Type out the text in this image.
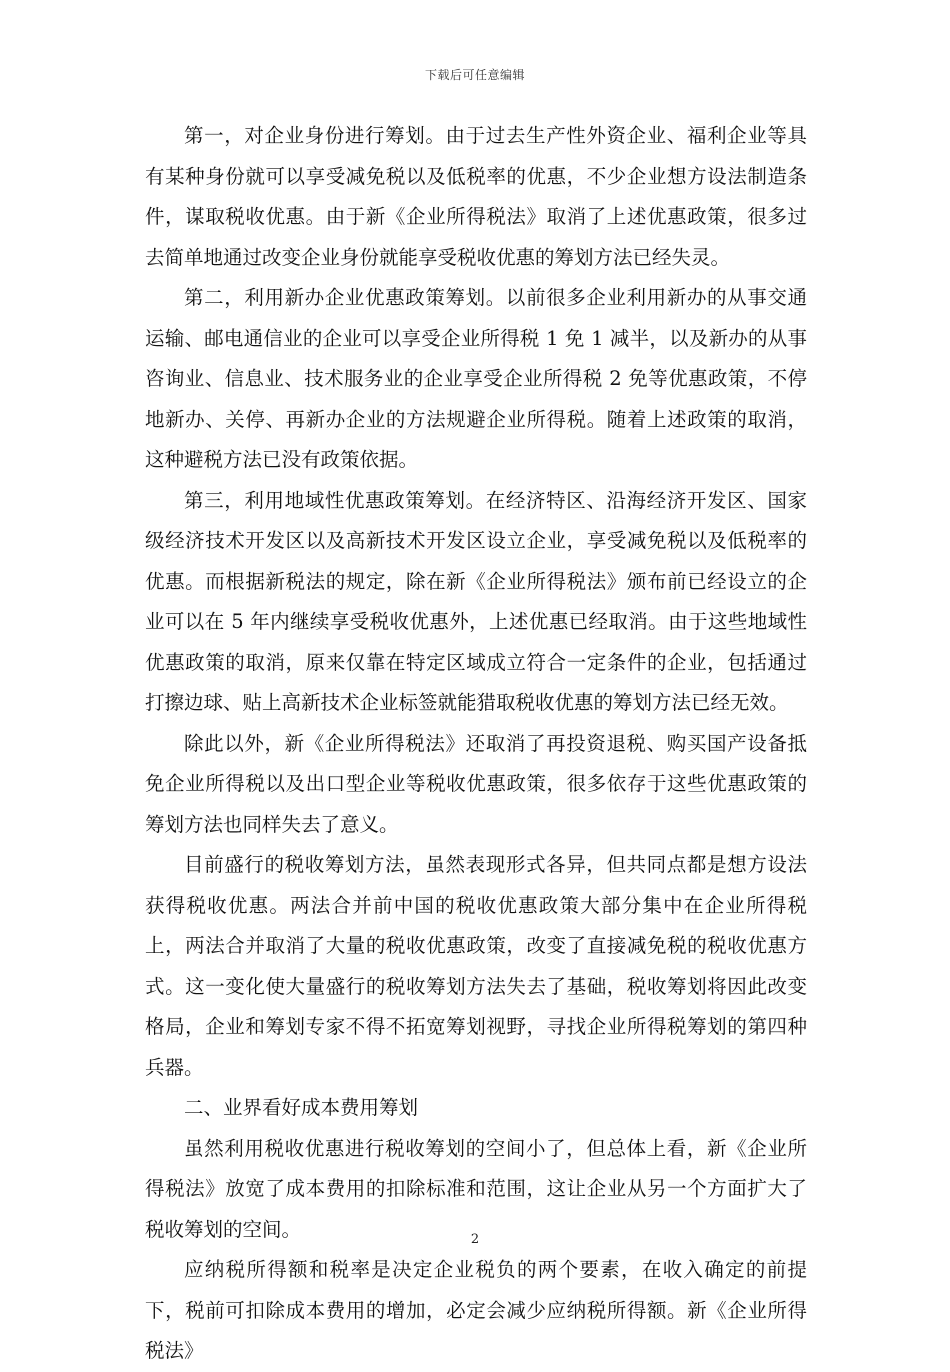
下载后可任意编辑

第一，对企业身份进行筹划。由于过去生产性外资企业、福利企业等具有某种身份就可以享受减免税以及低税率的优惠，不少企业想方设法制造条件，谋取税收优惠。由于新《企业所得税法》取消了上述优惠政策，很多过去简单地通过改变企业身份就能享受税收优惠的筹划方法已经失灵。

第二，利用新办企业优惠政策筹划。以前很多企业利用新办的从事交通运输、邮电通信业的企业可以享受企业所得税 1 免 1 减半，以及新办的从事咨询业、信息业、技术服务业的企业享受企业所得税 2 免等优惠政策，不停地新办、关停、再新办企业的方法规避企业所得税。随着上述政策的取消，这种避税方法已没有政策依据。

第三，利用地域性优惠政策筹划。在经济特区、沿海经济开发区、国家级经济技术开发区以及高新技术开发区设立企业，享受减免税以及低税率的优惠。而根据新税法的规定，除在新《企业所得税法》颁布前已经设立的企业可以在 5 年内继续享受税收优惠外，上述优惠已经取消。由于这些地域性优惠政策的取消，原来仅靠在特定区域成立符合一定条件的企业，包括通过打擦边球、贴上高新技术企业标签就能猎取税收优惠的筹划方法已经无效。

除此以外，新《企业所得税法》还取消了再投资退税、购买国产设备抵免企业所得税以及出口型企业等税收优惠政策，很多依存于这些优惠政策的筹划方法也同样失去了意义。

目前盛行的税收筹划方法，虽然表现形式各异，但共同点都是想方设法获得税收优惠。两法合并前中国的税收优惠政策大部分集中在企业所得税上，两法合并取消了大量的税收优惠政策，改变了直接减免税的税收优惠方式。这一变化使大量盛行的税收筹划方法失去了基础，税收筹划将因此改变格局，企业和筹划专家不得不拓宽筹划视野，寻找企业所得税筹划的第四种兵器。

二、业界看好成本费用筹划

虽然利用税收优惠进行税收筹划的空间小了，但总体上看，新《企业所得税法》放宽了成本费用的扣除标准和范围，这让企业从另一个方面扩大了税收筹划的空间。

应纳税所得额和税率是决定企业税负的两个要素，在收入确定的前提下，税前可扣除成本费用的增加，必定会减少应纳税所得额。新《企业所得税法》

2
